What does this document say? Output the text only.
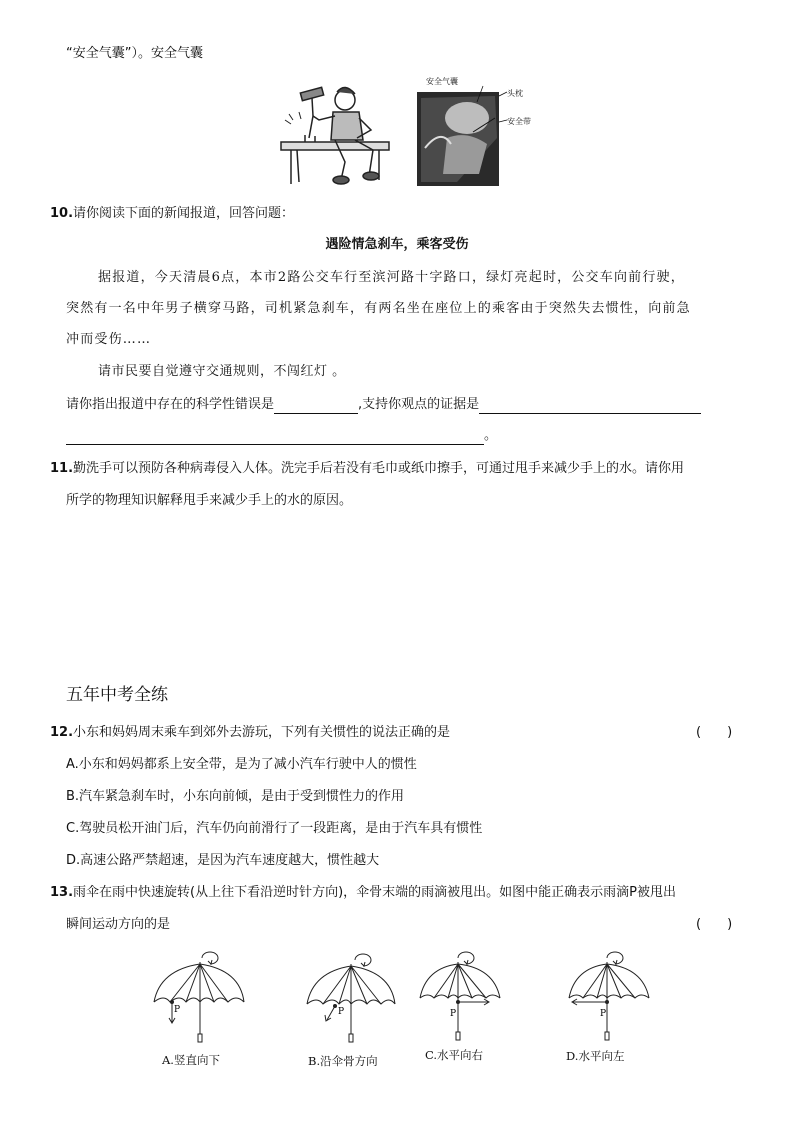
“安全气囊”）。安全气囊
安全气囊
头枕
安全带
10.请你阅读下面的新闻报道，回答问题：
遇险情急刹车，乘客受伤
据报道，今天清晨6点，本市2路公交车行至滨河路十字路口，绿灯亮起时，公交车向前行驶，
突然有一名中年男子横穿马路，司机紧急刹车，有两名坐在座位上的乘客由于突然失去惯性，向前急
冲而受伤……
请市民要自觉遵守交通规则，不闯红灯 。
请你指出报道中存在的科学性错误是	,支持你观点的证据是
。
11.勤洗手可以预防各种病毒侵入人体。洗完手后若没有毛巾或纸巾擦手，可通过甩手来减少手上的水。请你用
所学的物理知识解释甩手来减少手上的水的原因。
五年中考全练
12.小东和妈妈周末乘车到郊外去游玩，下列有关惯性的说法正确的是	(　　)
A.小东和妈妈都系上安全带，是为了减小汽车行驶中人的惯性
B.汽车紧急刹车时，小东向前倾，是由于受到惯性力的作用
C.驾驶员松开油门后，汽车仍向前滑行了一段距离，是由于汽车具有惯性
D.高速公路严禁超速，是因为汽车速度越大，惯性越大
13.雨伞在雨中快速旋转(从上往下看沿逆时针方向)，伞骨末端的雨滴被甩出。如图中能正确表示雨滴P被甩出
瞬间运动方向的是	(　　)
P	P	P	P
A.竖直向下	B.沿伞骨方向	C.水平向右	D.水平向左
